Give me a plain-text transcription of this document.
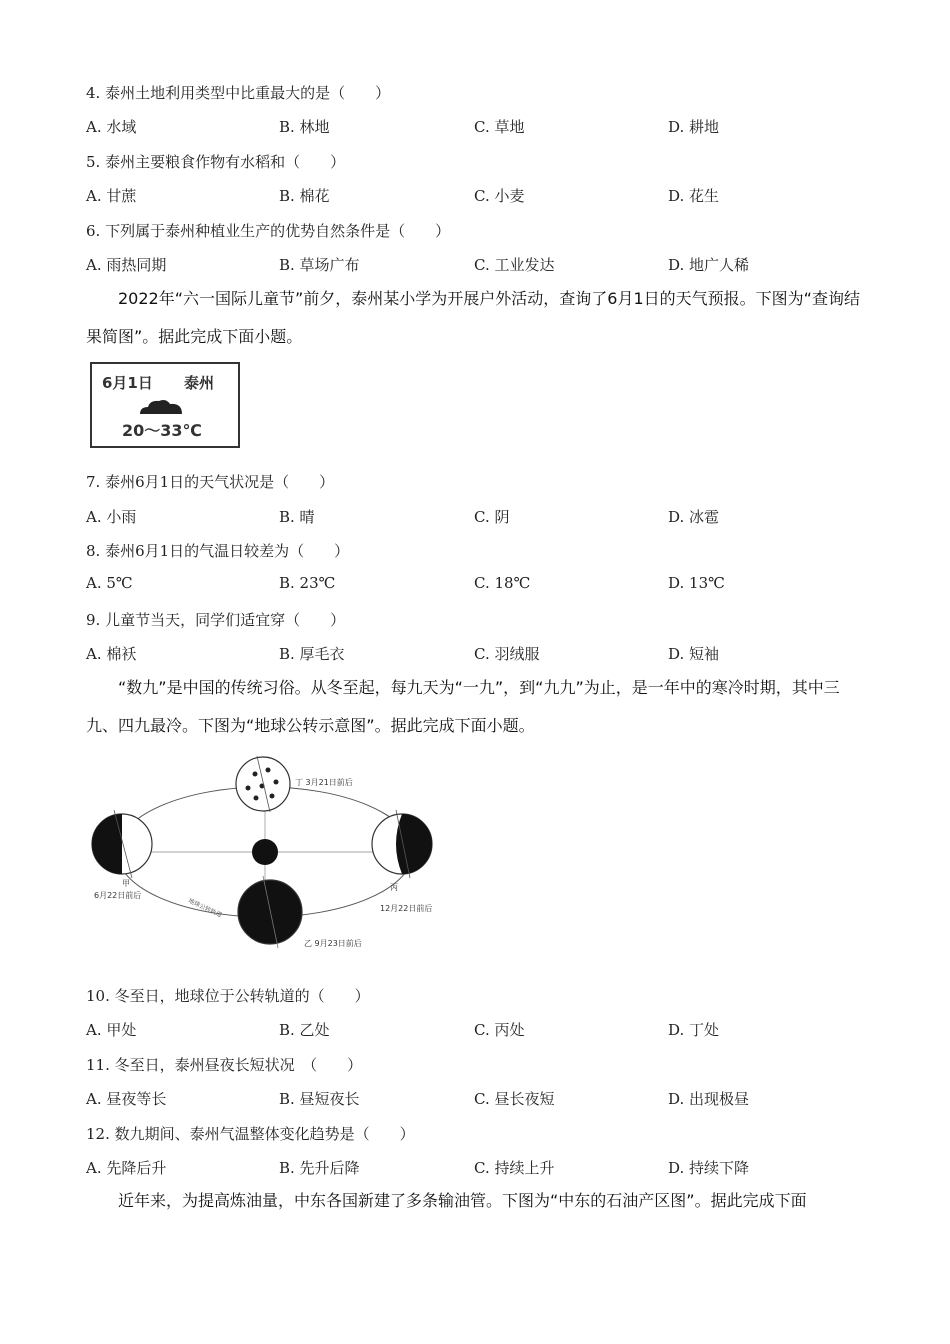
4. 泰州土地利用类型中比重最大的是（　　）
A. 水域	B. 林地	C. 草地	D. 耕地
5. 泰州主要粮食作物有水稻和（　　）
A. 甘蔗	B. 棉花	C. 小麦	D. 花生
6. 下列属于泰州种植业生产的优势自然条件是（　　）
A. 雨热同期	B. 草场广布	C. 工业发达	D. 地广人稀
2022年“六一国际儿童节”前夕，泰州某小学为开展户外活动，查询了6月1日的天气预报。下图为“查询结果简图”。据此完成下面小题。
6月1日 泰州
20～33℃
7. 泰州6月1日的天气状况是（　　）
A. 小雨	B. 晴	C. 阴	D. 冰雹
8. 泰州6月1日的气温日较差为（　　）
A. 5℃	B. 23℃	C. 18℃	D. 13℃
9. 儿童节当天，同学们适宜穿（　　）
A. 棉袄	B. 厚毛衣	C. 羽绒服	D. 短袖
“数九”是中国的传统习俗。从冬至起，每九天为“一九”，到“九九”为止，是一年中的寒冷时期，其中三九、四九最冷。下图为“地球公转示意图”。据此完成下面小题。
地球公转轨道
丁 3月21日前后
甲
6月22日前后
丙
12月22日前后
乙 9月23日前后
10. 冬至日，地球位于公转轨道的（　　）
A. 甲处	B. 乙处	C. 丙处	D. 丁处
11. 冬至日，泰州昼夜长短状况　（　　）
A. 昼夜等长	B. 昼短夜长	C. 昼长夜短	D. 出现极昼
12. 数九期间、泰州气温整体变化趋势是（　　）
A. 先降后升	B. 先升后降	C. 持续上升	D. 持续下降
近年来，为提高炼油量，中东各国新建了多条输油管。下图为“中东的石油产区图”。据此完成下面
